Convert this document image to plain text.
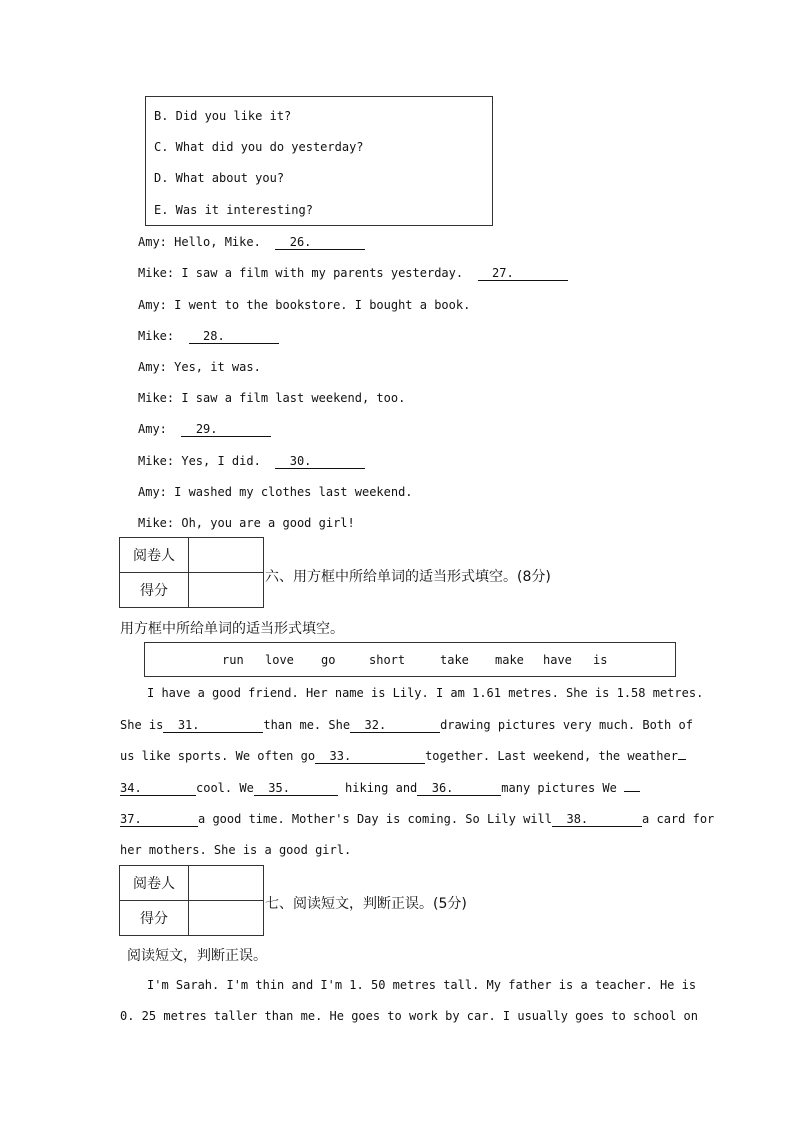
B. Did you like it?
C. What did you do yesterday?
D. What about you?
E. Was it interesting?
Amy: Hello, Mike. 26.
Mike: I saw a film with my parents yesterday. 27.
Amy: I went to the bookstore. I bought a book.
Mike: 28.
Amy: Yes, it was.
Mike: I saw a film last weekend, too.
Amy: 29.
Mike: Yes, I did. 30.
Amy: I washed my clothes last weekend.
Mike: Oh, you are a good girl!
阅卷人	
得分	
六、用方框中所给单词的适当形式填空。(8分)
用方框中所给单词的适当形式填空。
run love go	short	take make have is
I have a good friend. Her name is Lily. I am 1.61 metres. She is 1.58 metres.
She is 31.	than me. She 32.	drawing pictures very much. Both of
us like sports. We often go 33.	together. Last weekend, the weather
34.	cool. We 35.	hiking and 36.	many pictures We
37.	a good time. Mother's Day is coming. So Lily will 38.	a card for
her mothers. She is a good girl.
阅卷人	
得分	
七、阅读短文，判断正误。(5分)
阅读短文，判断正误。
I'm Sarah. I'm thin and I'm 1. 50 metres tall. My father is a teacher. He is
0. 25 metres taller than me. He goes to work by car. I usually goes to school on
